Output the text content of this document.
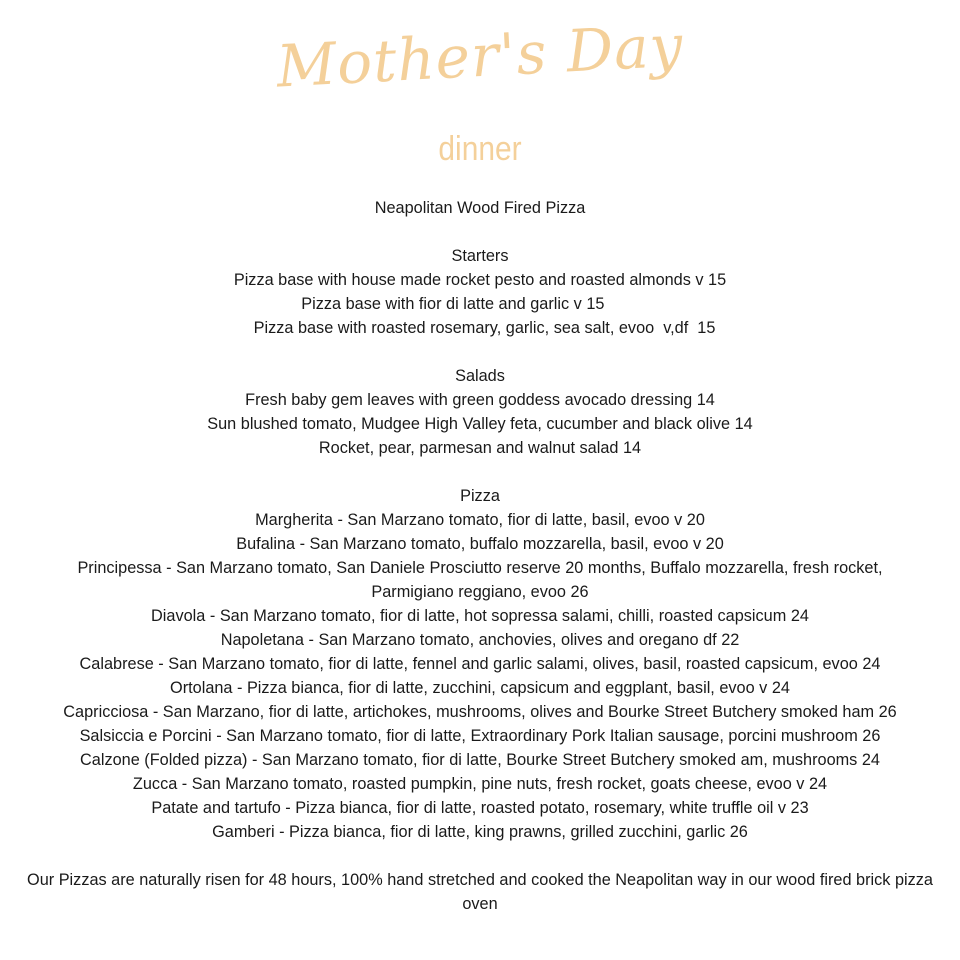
Mother's Day
dinner
Neapolitan Wood Fired Pizza
Starters
Pizza base with house made rocket pesto and roasted almonds v 15
Pizza base with fior di latte and garlic v 15
Pizza base with roasted rosemary, garlic, sea salt, evoo  v,df  15
Salads
Fresh baby gem leaves with green goddess avocado dressing 14
Sun blushed tomato, Mudgee High Valley feta, cucumber and black olive 14
Rocket, pear, parmesan and walnut salad 14
Pizza
Margherita - San Marzano tomato, fior di latte, basil, evoo v 20
Bufalina - San Marzano tomato, buffalo mozzarella, basil, evoo v 20
Principessa - San Marzano tomato, San Daniele Prosciutto reserve 20 months, Buffalo mozzarella, fresh rocket,
Parmigiano reggiano, evoo 26
Diavola - San Marzano tomato, fior di latte, hot sopressa salami, chilli, roasted capsicum 24
Napoletana - San Marzano tomato, anchovies, olives and oregano df 22
Calabrese - San Marzano tomato, fior di latte, fennel and garlic salami, olives, basil, roasted capsicum, evoo 24
Ortolana - Pizza bianca, fior di latte, zucchini, capsicum and eggplant, basil, evoo v 24
Capricciosa - San Marzano, fior di latte, artichokes, mushrooms, olives and Bourke Street Butchery smoked ham 26
Salsiccia e Porcini - San Marzano tomato, fior di latte, Extraordinary Pork Italian sausage, porcini mushroom 26
Calzone (Folded pizza) - San Marzano tomato, fior di latte, Bourke Street Butchery smoked am, mushrooms 24
Zucca - San Marzano tomato, roasted pumpkin, pine nuts, fresh rocket, goats cheese, evoo v 24
Patate and tartufo - Pizza bianca, fior di latte, roasted potato, rosemary, white truffle oil v 23
Gamberi - Pizza bianca, fior di latte, king prawns, grilled zucchini, garlic 26
Our Pizzas are naturally risen for 48 hours, 100% hand stretched and cooked the Neapolitan way in our wood fired brick pizza oven
